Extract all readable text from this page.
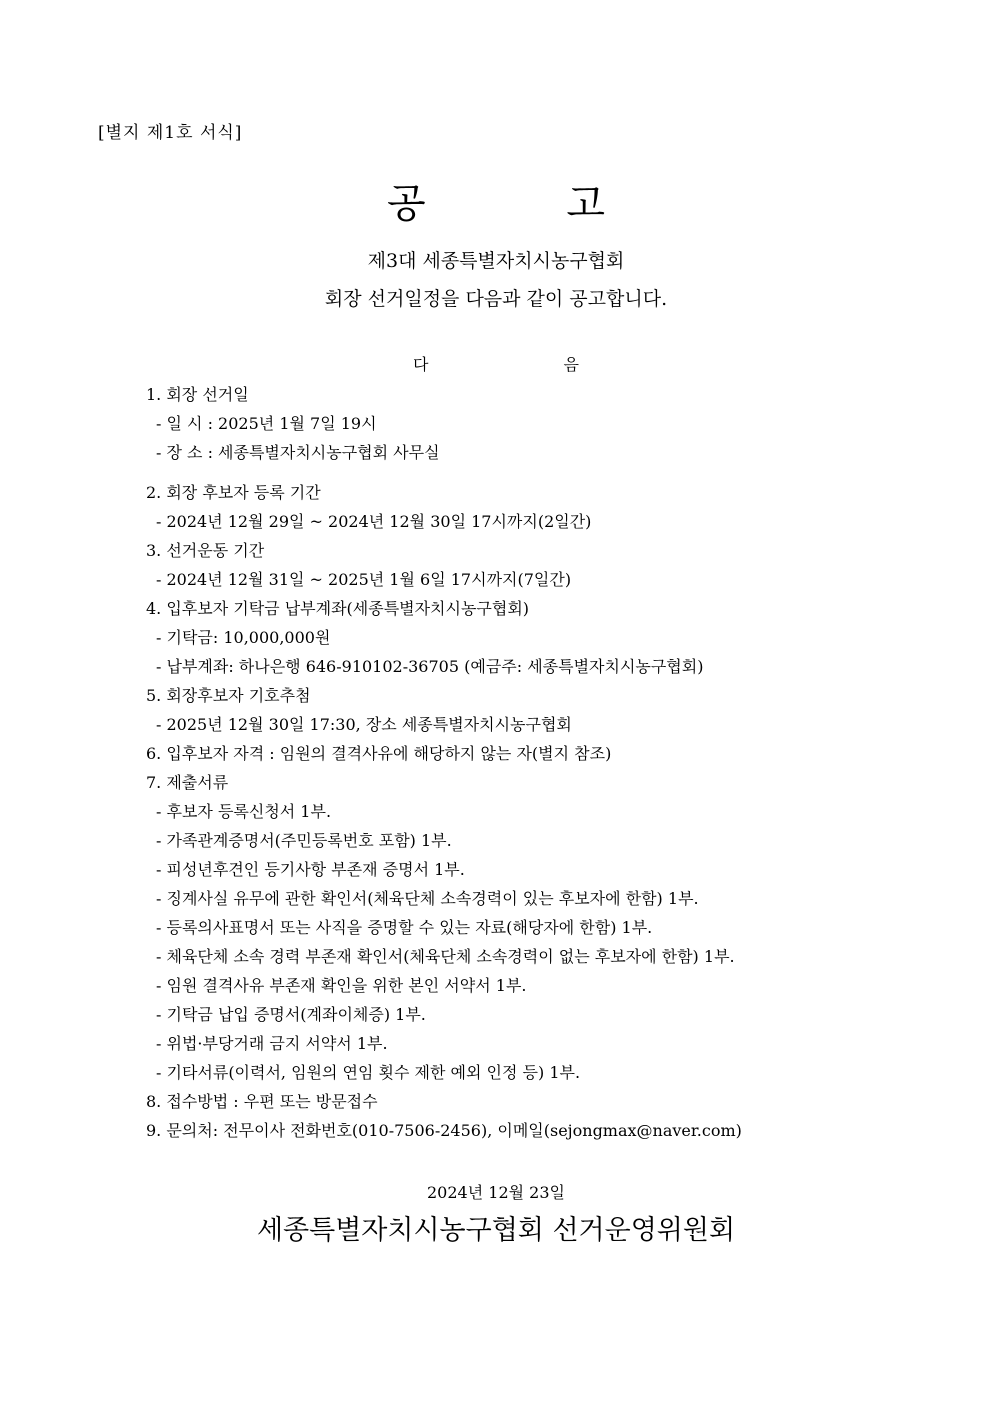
[별지 제1호 서식]
공 고
제3대 세종특별자치시농구협회
회장 선거일정을 다음과 같이 공고합니다.
다 음
1. 회장 선거일
- 일 시 : 2025년 1월 7일 19시
- 장 소 : 세종특별자치시농구협회 사무실
2. 회장 후보자 등록 기간
- 2024년 12월 29일 ~ 2024년 12월 30일 17시까지(2일간)
3. 선거운동 기간
- 2024년 12월 31일 ~ 2025년 1월 6일 17시까지(7일간)
4. 입후보자 기탁금 납부계좌(세종특별자치시농구협회)
- 기탁금: 10,000,000원
- 납부계좌: 하나은행 646-910102-36705 (예금주: 세종특별자치시농구협회)
5. 회장후보자 기호추첨
- 2025년 12월 30일 17:30, 장소 세종특별자치시농구협회
6. 입후보자 자격 : 임원의 결격사유에 해당하지 않는 자(별지 참조)
7. 제출서류
- 후보자 등록신청서 1부.
- 가족관계증명서(주민등록번호 포함) 1부.
- 피성년후견인 등기사항 부존재 증명서 1부.
- 징계사실 유무에 관한 확인서(체육단체 소속경력이 있는 후보자에 한함) 1부.
- 등록의사표명서 또는 사직을 증명할 수 있는 자료(해당자에 한함) 1부.
- 체육단체 소속 경력 부존재 확인서(체육단체 소속경력이 없는 후보자에 한함) 1부.
- 임원 결격사유 부존재 확인을 위한 본인 서약서 1부.
- 기탁금 납입 증명서(계좌이체증) 1부.
- 위법·부당거래 금지 서약서 1부.
- 기타서류(이력서, 임원의 연임 횟수 제한 예외 인정 등) 1부.
8. 접수방법 : 우편 또는 방문접수
9. 문의처: 전무이사 전화번호(010-7506-2456), 이메일(sejongmax@naver.com)
2024년 12월 23일
세종특별자치시농구협회 선거운영위원회
